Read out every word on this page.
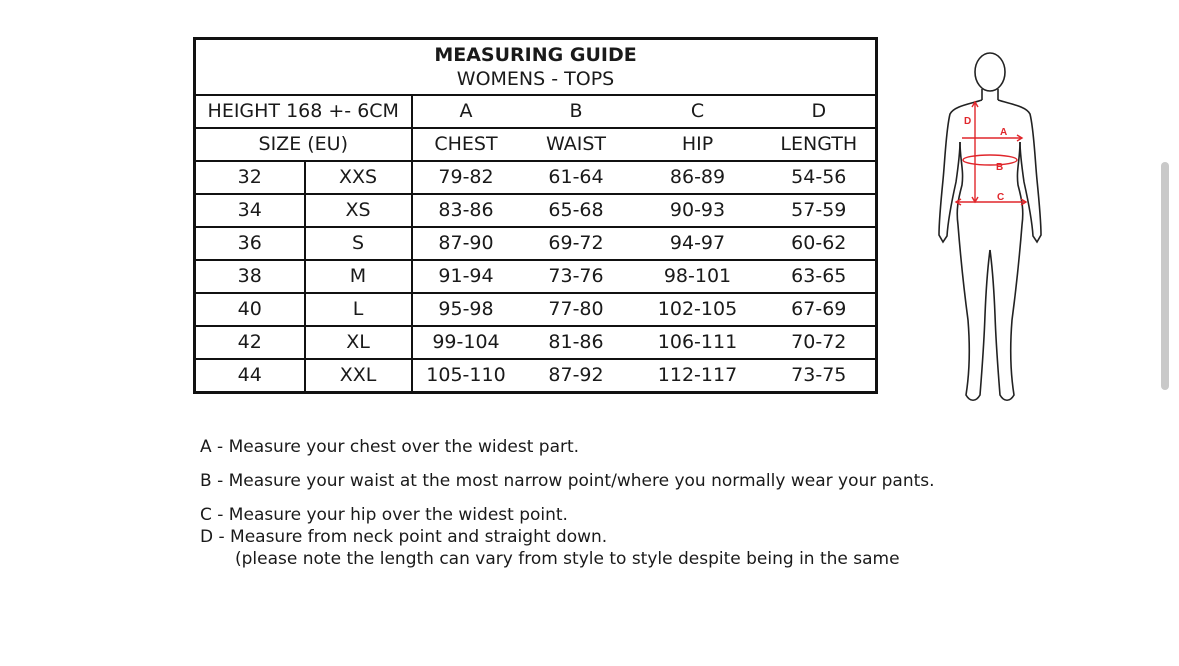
MEASURING GUIDE
WOMENS - TOPS					

HEIGHT 168 +- 6CM		A	B	C	D
SIZE (EU)		CHEST	WAIST	HIP	LENGTH
32	XXS	79-82	61-64	86-89	54-56
34	XS	83-86	65-68	90-93	57-59
36	S	87-90	69-72	94-97	60-62
38	M	91-94	73-76	98-101	63-65
40	L	95-98	77-80	102-105	67-69
42	XL	99-104	81-86	106-111	70-72
44	XXL	105-110	87-92	112-117	73-75
D
A
B
C

A - Measure your chest over the widest part.

B - Measure your waist at the most narrow point/where you normally wear your pants.

C - Measure your hip over the widest point.

D - Measure from neck point and straight down.

(please note the length can vary from style to style despite being in the same
